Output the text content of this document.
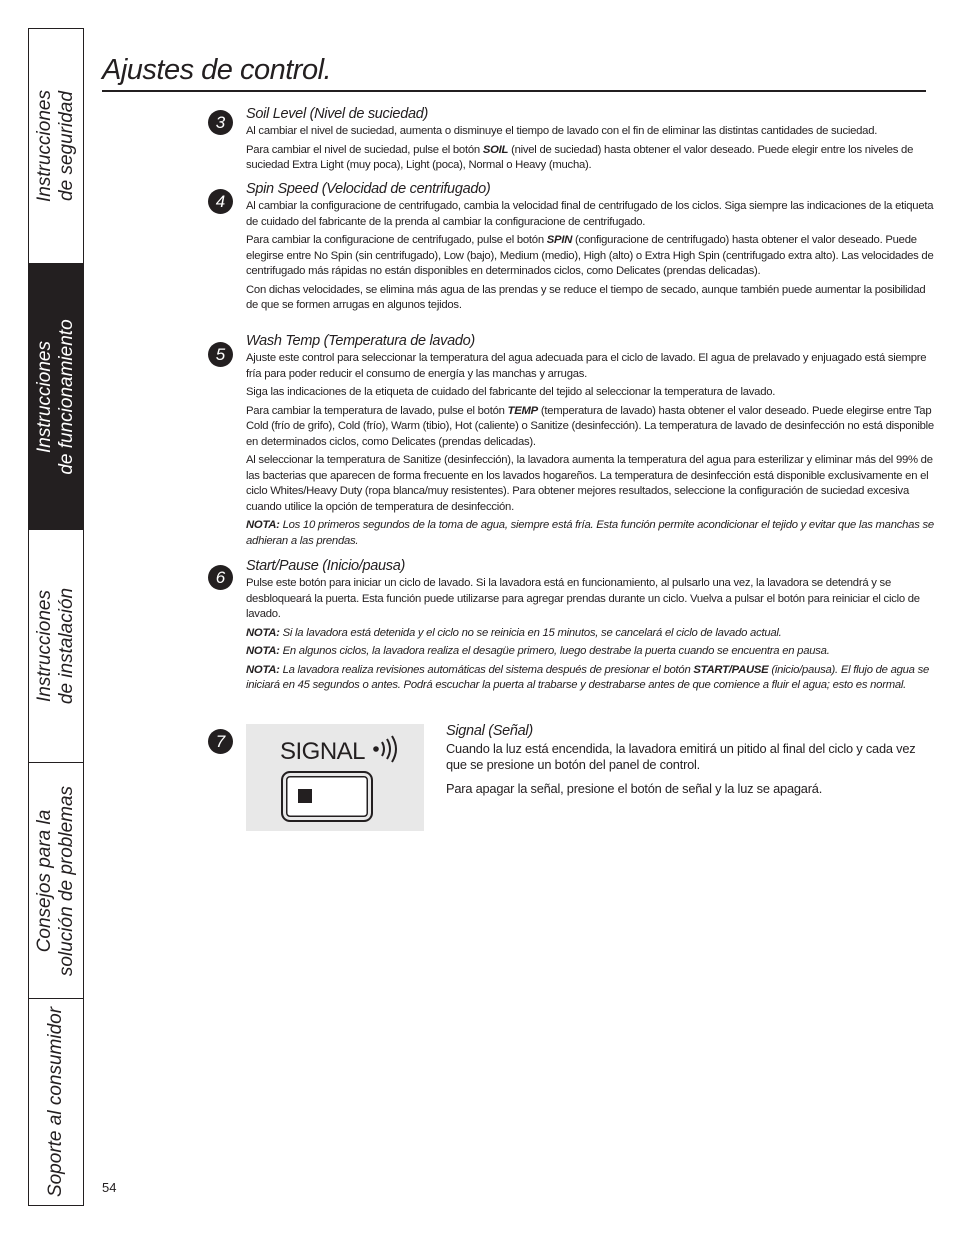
Instrucciones de seguridad
Instrucciones de funcionamiento
Instrucciones de instalación
Consejos para la solución de problemas
Soporte al consumidor
Ajustes de control.
3	Soil Level (Nivel de suciedad)

Al cambiar el nivel de suciedad, aumenta o disminuye el tiempo de lavado con el fin de eliminar las distintas cantidades de suciedad.

Para cambiar el nivel de suciedad, pulse el botón SOIL (nivel de suciedad) hasta obtener el valor deseado. Puede elegir entre los niveles de suciedad Extra Light (muy poca), Light (poca), Normal o Heavy (mucha).

4
Spin Speed (Velocidad de centrifugado)

Al cambiar la configuracione de centrifugado, cambia la velocidad final de centrifugado de los ciclos. Siga siempre las indicaciones de la etiqueta de cuidado del fabricante de la prenda al cambiar la configuracione de centrifugado.

Para cambiar la configuracione de centrifugado, pulse el botón SPIN (configuracione de centrifugado) hasta obtener el valor deseado. Puede elegirse entre No Spin (sin centrifugado), Low (bajo), Medium (medio), High (alto) o Extra High Spin (centrifugado extra alto). Las velocidades de centrifugado más rápidas no están disponibles en determinados ciclos, como Delicates (prendas delicadas).

Con dichas velocidades, se elimina más agua de las prendas y se reduce el tiempo de secado, aunque también puede aumentar la posibilidad de que se formen arrugas en algunos tejidos.

5
Wash Temp (Temperatura de lavado)

Ajuste este control para seleccionar la temperatura del agua adecuada para el ciclo de lavado. El agua de prelavado y enjuagado está siempre fría para poder reducir el consumo de energía y las manchas y arrugas.

Siga las indicaciones de la etiqueta de cuidado del fabricante del tejido al seleccionar la temperatura de lavado.

Para cambiar la temperatura de lavado, pulse el botón TEMP (temperatura de lavado) hasta obtener el valor deseado. Puede elegirse entre Tap Cold (frío de grifo), Cold (frío), Warm (tibio), Hot (caliente) o Sanitize (desinfección). La temperatura de lavado de desinfección no está disponible en determinados ciclos, como Delicates (prendas delicadas).

Al seleccionar la temperatura de Sanitize (desinfección), la lavadora aumenta la temperatura del agua para esterilizar y eliminar más del 99% de las bacterias que aparecen de forma frecuente en los lavados hogareños. La temperatura de desinfección está disponible exclusivamente en el ciclo Whites/Heavy Duty (ropa blanca/muy resistentes). Para obtener mejores resultados, seleccione la configuración de suciedad excesiva cuando utilice la opción de temperatura de desinfección.

NOTA: Los 10 primeros segundos de la toma de agua, siempre está fría. Esta función permite acondicionar el tejido y evitar que las manchas se adhieran a las prendas.

6
Start/Pause (Inicio/pausa)

Pulse este botón para iniciar un ciclo de lavado. Si la lavadora está en funcionamiento, al pulsarlo una vez, la lavadora se detendrá y se desbloqueará la puerta. Esta función puede utilizarse para agregar prendas durante un ciclo. Vuelva a pulsar el botón para reiniciar el ciclo de lavado.

NOTA: Si la lavadora está detenida y el ciclo no se reinicia en 15 minutos, se cancelará el ciclo de lavado actual.

NOTA: En algunos ciclos, la lavadora realiza el desagüe primero, luego destrabe la puerta cuando se encuentra en pausa.

NOTA: La lavadora realiza revisiones automáticas del sistema después de presionar el botón START/PAUSE (inicio/pausa). El flujo de agua se iniciará en 45 segundos o antes. Podrá escuchar la puerta al trabarse y destrabarse antes de que comience a fluir el agua; esto es normal.

7	SIGNAL
Signal (Señal)

Cuando la luz está encendida, la lavadora emitirá un pitido al final del ciclo y cada vez que se presione un botón del panel de control.

Para apagar la señal, presione el botón de señal y la luz se apagará.

54
